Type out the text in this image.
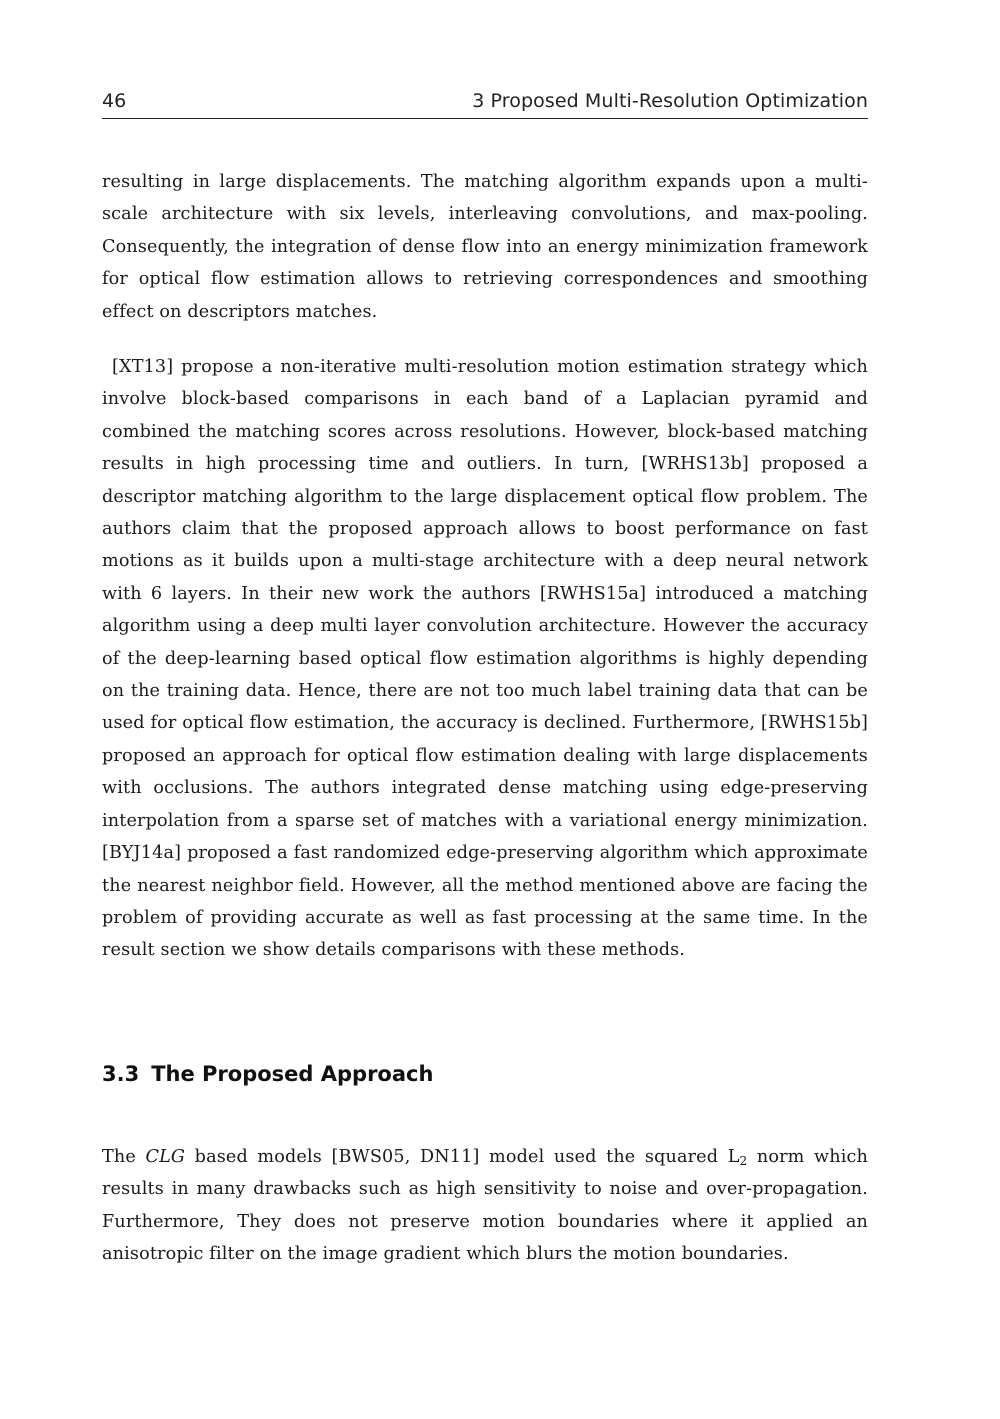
46	3 Proposed Multi-Resolution Optimization

resulting in large displacements. The matching algorithm expands upon a multi-scale architecture with six levels, interleaving convolutions, and max-pooling. Consequently, the integration of dense flow into an energy minimization framework for optical flow estimation allows to retrieving correspondences and smoothing effect on descriptors matches.

[XT13] propose a non-iterative multi-resolution motion estimation strategy which involve block-based comparisons in each band of a Laplacian pyramid and combined the matching scores across resolutions. However, block-based matching results in high processing time and outliers. In turn, [WRHS13b] proposed a descriptor matching algorithm to the large displacement optical flow problem. The authors claim that the proposed approach allows to boost performance on fast motions as it builds upon a multi-stage architecture with a deep neural network with 6 layers. In their new work the authors [RWHS15a] introduced a matching algorithm using a deep multi layer convolution architecture. However the accuracy of the deep-learning based optical flow estimation algorithms is highly depending on the training data. Hence, there are not too much label training data that can be used for optical flow estimation, the accuracy is declined. Furthermore, [RWHS15b] proposed an approach for optical flow estimation dealing with large displacements with occlusions. The authors integrated dense matching using edge-preserving interpolation from a sparse set of matches with a variational energy minimization. [BYJ14a] proposed a fast randomized edge-preserving algorithm which approximate the nearest neighbor field. However, all the method mentioned above are facing the problem of providing accurate as well as fast processing at the same time. In the result section we show details comparisons with these methods.

3.3 The Proposed Approach

The CLG based models [BWS05, DN11] model used the squared $L_2$ norm which results in many drawbacks such as high sensitivity to noise and over-propagation. Furthermore, They does not preserve motion boundaries where it applied an anisotropic filter on the image gradient which blurs the motion boundaries.
